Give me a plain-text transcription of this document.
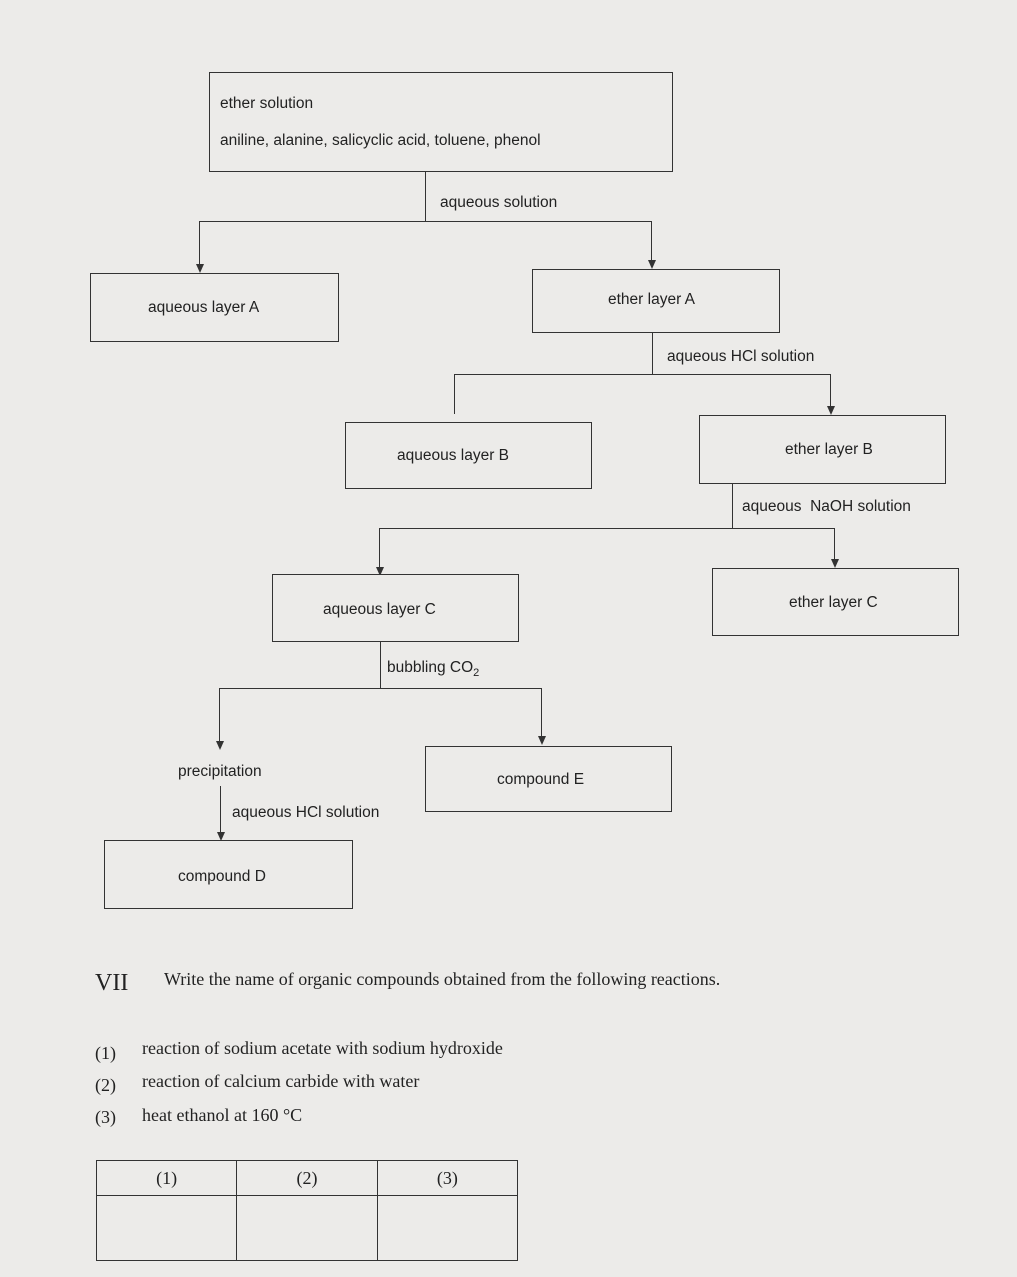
ether solution
aniline, alanine, salicyclic acid, toluene, phenol
aqueous solution
aqueous layer A	ether layer A
aqueous HCl solution
aqueous layer B	ether layer B
aqueous  NaOH solution
aqueous layer C	ether layer C
bubbling $CO_2$
precipitation	compound E
aqueous HCl solution
compound D
VII Write the name of organic compounds obtained from the following reactions.
(1) reaction of sodium acetate with sodium hydroxide
(2) reaction of calcium carbide with water
(3) heat ethanol at 160 °C
(1)	(2)	(3)
